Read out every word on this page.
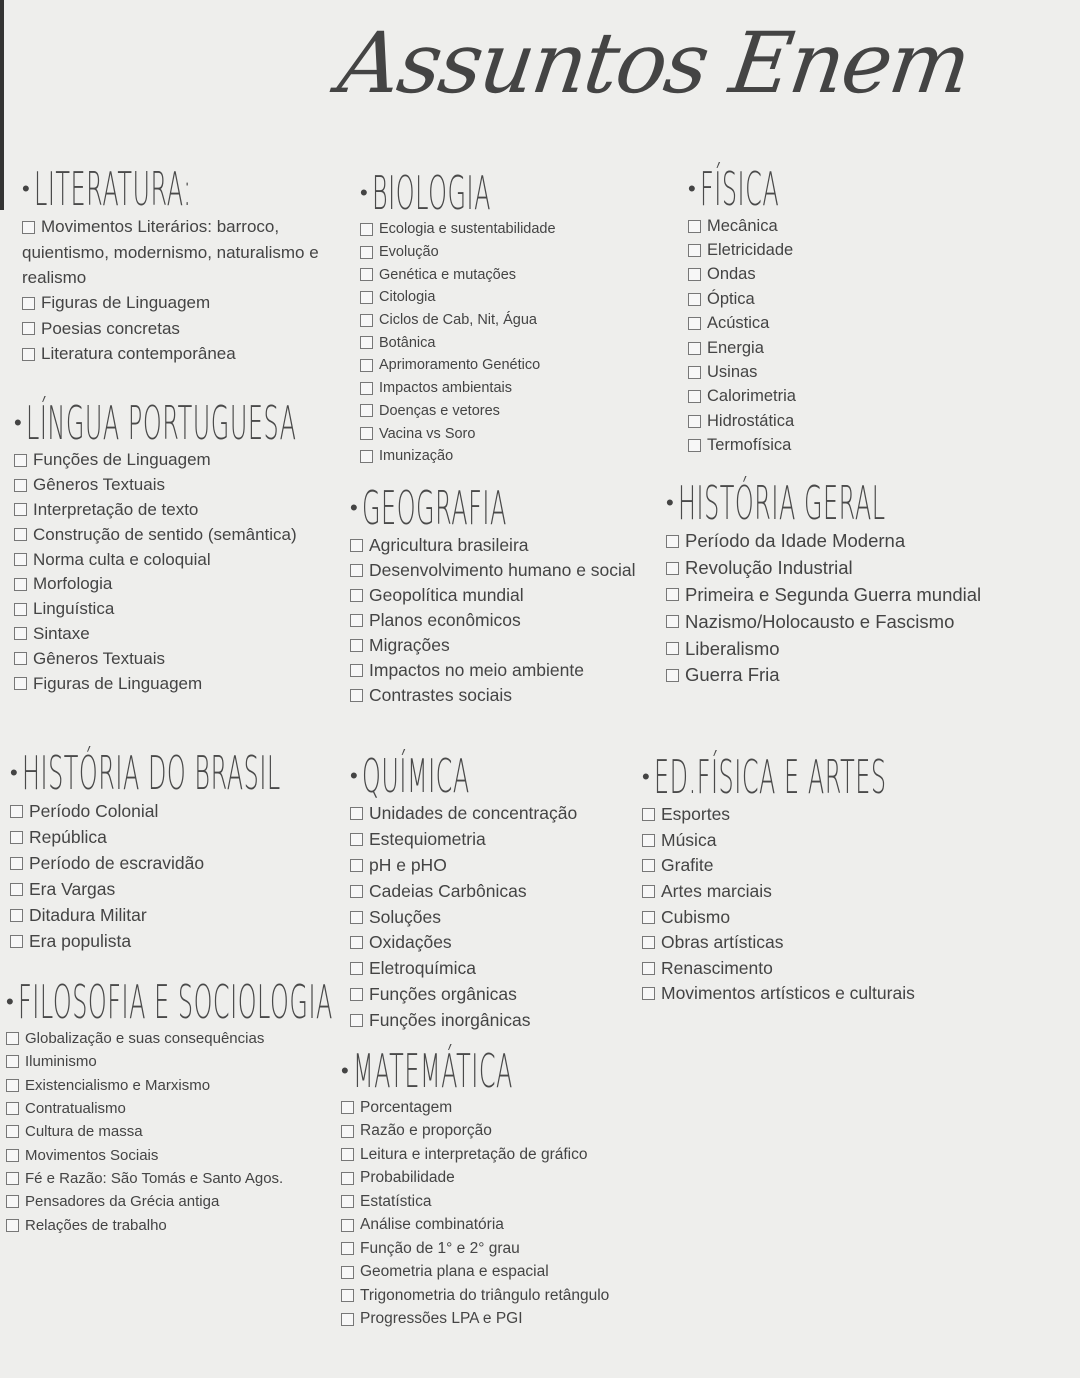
Assuntos Enem
• LITERATURA:
Movimentos Literários: barroco, quientismo, modernismo, naturalismo e realismo
Figuras de Linguagem
Poesias concretas
Literatura contemporânea
• BIOLOGIA
Ecologia e sustentabilidade
Evolução
Genética e mutações
Citologia
Ciclos de Cab, Nit, Água
Botânica
Aprimoramento Genético
Impactos ambientais
Doenças e vetores
Vacina vs Soro
Imunização
• FÍSICA
Mecânica
Eletricidade
Ondas
Óptica
Acústica
Energia
Usinas
Calorimetria
Hidrostática
Termofísica
• LÍNGUA PORTUGUESA
Funções de Linguagem
Gêneros Textuais
Interpretação de texto
Construção de sentido (semântica)
Norma culta e coloquial
Morfologia
Linguística
Sintaxe
Gêneros Textuais
Figuras de Linguagem
• GEOGRAFIA
Agricultura brasileira
Desenvolvimento humano e social
Geopolítica mundial
Planos econômicos
Migrações
Impactos no meio ambiente
Contrastes sociais
• HISTÓRIA GERAL
Período da Idade Moderna
Revolução Industrial
Primeira e Segunda Guerra mundial
Nazismo/Holocausto e Fascismo
Liberalismo
Guerra Fria
• HISTÓRIA DO BRASIL
Período Colonial
República
Período de escravidão
Era Vargas
Ditadura Militar
Era populista
• QUÍMICA
Unidades de concentração
Estequiometria
pH e pHO
Cadeias Carbônicas
Soluções
Oxidações
Eletroquímica
Funções orgânicas
Funções inorgânicas
• ED.FÍSICA E ARTES
Esportes
Música
Grafite
Artes marciais
Cubismo
Obras artísticas
Renascimento
Movimentos artísticos e culturais
• FILOSOFIA E SOCIOLOGIA
Globalização e suas consequências
Iluminismo
Existencialismo e Marxismo
Contratualismo
Cultura de massa
Movimentos Sociais
Fé e Razão: São Tomás e Santo Agos.
Pensadores da Grécia antiga
Relações de trabalho
• MATEMÁTICA
Porcentagem
Razão e proporção
Leitura e interpretação de gráfico
Probabilidade
Estatística
Análise combinatória
Função de 1° e 2° grau
Geometria plana e espacial
Trigonometria do triângulo retângulo
Progressões LPA e PGI
